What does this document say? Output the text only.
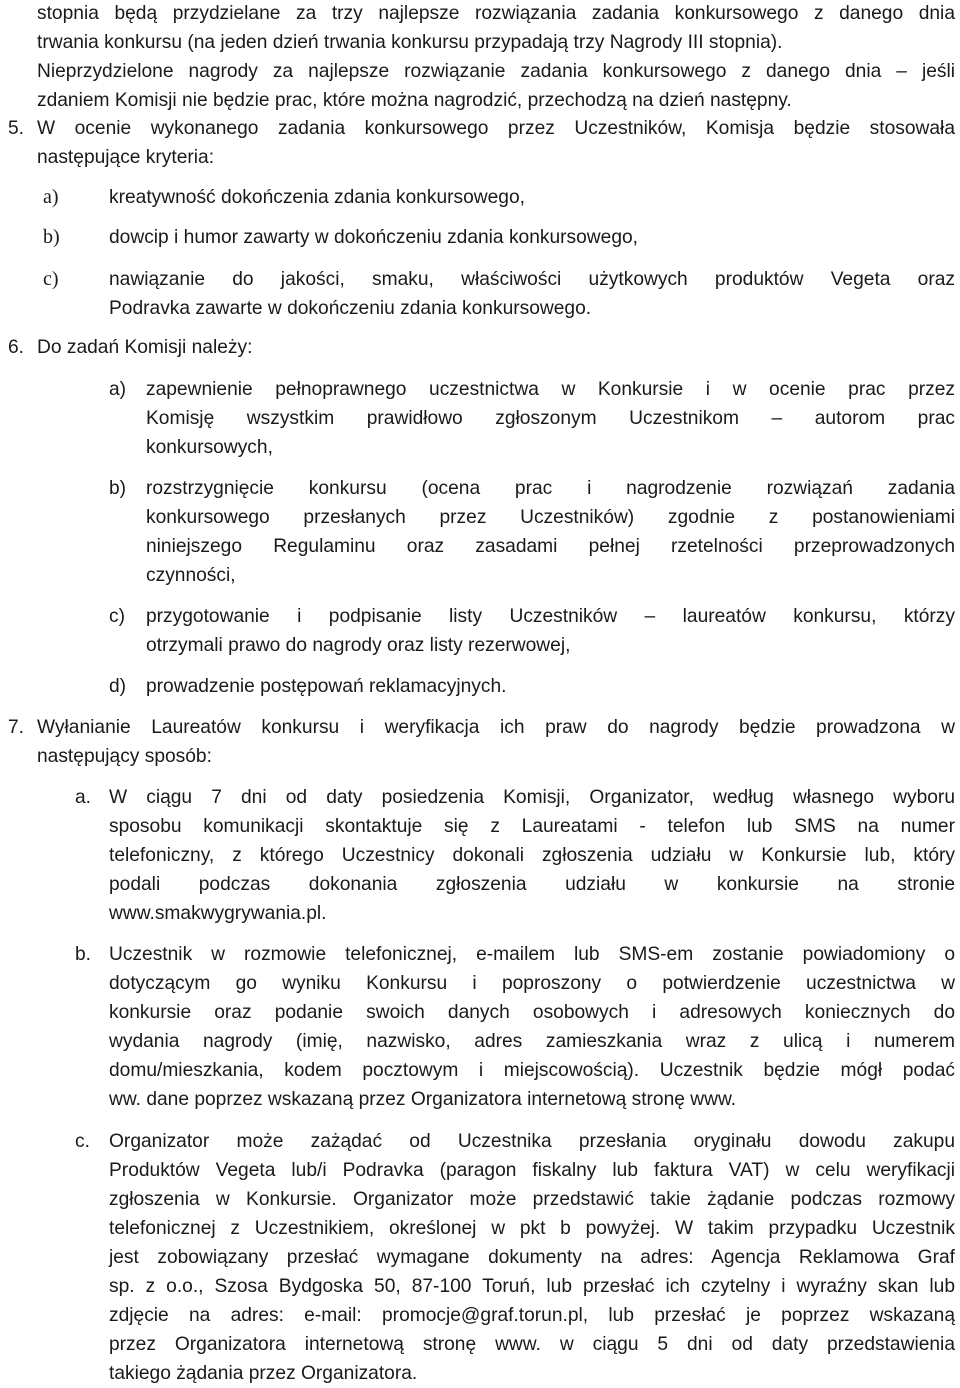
stopnia będą przydzielane za trzy najlepsze rozwiązania zadania konkursowego z danego dnia
trwania konkursu (na jeden dzień trwania konkursu przypadają trzy Nagrody III stopnia).
Nieprzydzielone nagrody za najlepsze rozwiązanie zadania konkursowego z danego dnia – jeśli
zdaniem Komisji nie będzie prac, które można nagrodzić, przechodzą na dzień następny.
5. W ocenie wykonanego zadania konkursowego przez Uczestników, Komisja będzie stosowała
następujące kryteria:
a)	kreatywność dokończenia zdania konkursowego,
b)	dowcip i humor zawarty w dokończeniu zdania konkursowego,
c)	nawiązanie do jakości, smaku, właściwości użytkowych produktów Vegeta oraz
Podravka zawarte w dokończeniu zdania konkursowego.
6. Do zadań Komisji należy:
a) zapewnienie pełnoprawnego uczestnictwa w Konkursie i w ocenie prac przez
Komisję wszystkim prawidłowo zgłoszonym Uczestnikom – autorom prac
konkursowych,
b) rozstrzygnięcie konkursu (ocena prac i nagrodzenie rozwiązań zadania
konkursowego przesłanych przez Uczestników) zgodnie z postanowieniami
niniejszego Regulaminu oraz zasadami pełnej rzetelności przeprowadzonych
czynności,
c) przygotowanie i podpisanie listy Uczestników – laureatów konkursu, którzy
otrzymali prawo do nagrody oraz listy rezerwowej,
d) prowadzenie postępowań reklamacyjnych.
7. Wyłanianie Laureatów konkursu i weryfikacja ich praw do nagrody będzie prowadzona w
następujący sposób:
a. W ciągu 7 dni od daty posiedzenia Komisji, Organizator, według własnego wyboru
sposobu komunikacji skontaktuje się z Laureatami - telefon lub SMS na numer
telefoniczny, z którego Uczestnicy dokonali zgłoszenia udziału w Konkursie lub, który
podali podczas dokonania zgłoszenia udziału w konkursie na stronie
www.smakwygrywania.pl.
b. Uczestnik w rozmowie telefonicznej, e-mailem lub SMS-em zostanie powiadomiony o
dotyczącym go wyniku Konkursu i poproszony o potwierdzenie uczestnictwa w
konkursie oraz podanie swoich danych osobowych i adresowych koniecznych do
wydania nagrody (imię, nazwisko, adres zamieszkania wraz z ulicą i numerem
domu/mieszkania, kodem pocztowym i miejscowością). Uczestnik będzie mógł podać
ww. dane poprzez wskazaną przez Organizatora internetową stronę www.
c. Organizator może zażądać od Uczestnika przesłania oryginału dowodu zakupu
Produktów Vegeta lub/i Podravka (paragon fiskalny lub faktura VAT) w celu weryfikacji
zgłoszenia w Konkursie. Organizator może przedstawić takie żądanie podczas rozmowy
telefonicznej z Uczestnikiem, określonej w pkt b powyżej. W takim przypadku Uczestnik
jest zobowiązany przesłać wymagane dokumenty na adres: Agencja Reklamowa Graf
sp. z o.o., Szosa Bydgoska 50, 87-100 Toruń, lub przesłać ich czytelny i wyraźny skan lub
zdjęcie na adres: e-mail: promocje@graf.torun.pl, lub przesłać je poprzez wskazaną
przez Organizatora internetową stronę www. w ciągu 5 dni od daty przedstawienia
takiego żądania przez Organizatora.
